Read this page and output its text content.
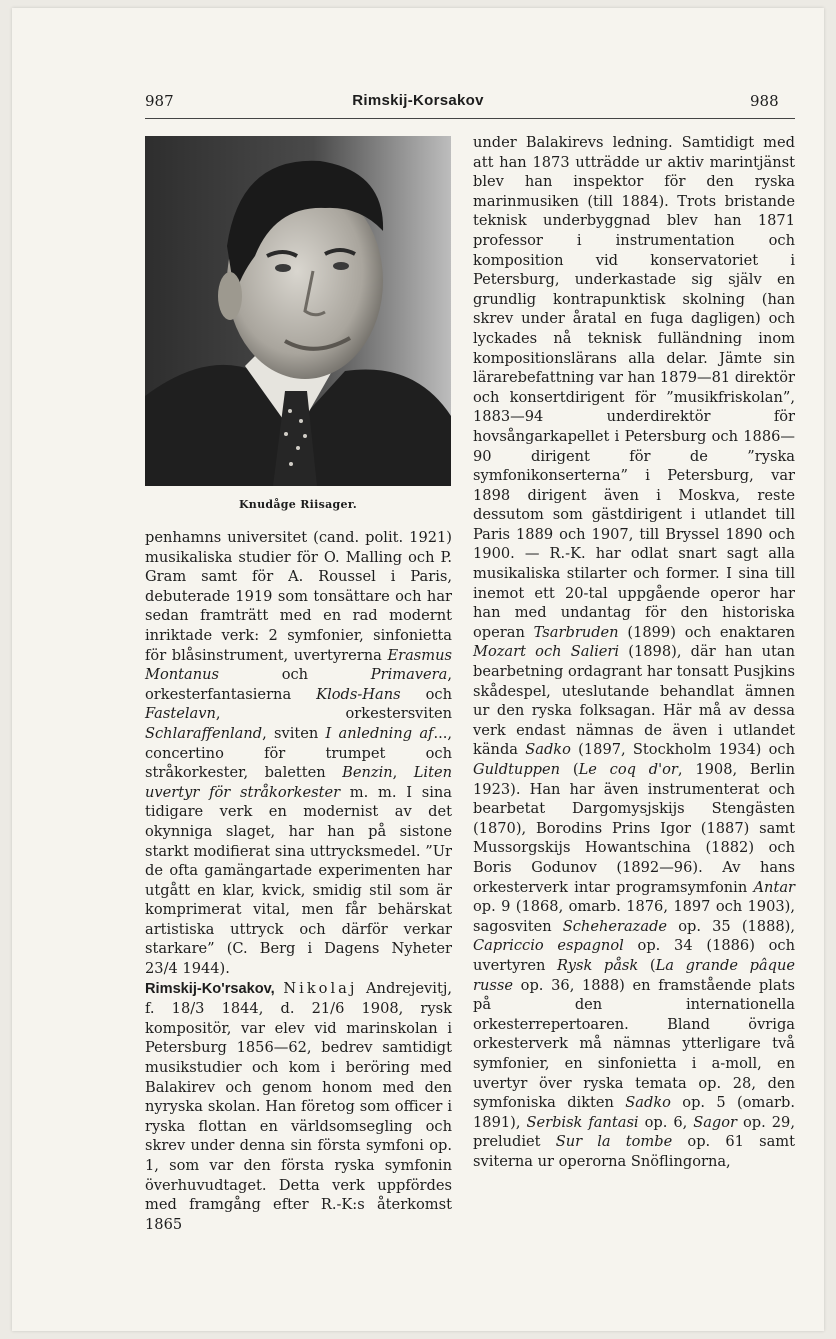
987	Rimskij-Korsakov	988
Knudåge Riisager.

penhamns universitet (cand. polit. 1921) musikaliska studier för O. Malling och P. Gram samt för A. Roussel i Paris, debuterade 1919 som tonsättare och har sedan framträtt med en rad modernt inriktade verk: 2 symfonier, sinfonietta för blåsinstrument, uvertyrerna Erasmus Montanus och Primavera, orkesterfantasierna Klods-Hans och Fastelavn, orkestersviten Schlaraffenland, sviten I anledning af..., concertino för trumpet och stråkorkester, baletten Benzin, Liten uvertyr för stråkorkester m. m. I sina tidigare verk en modernist av det okynniga slaget, har han på sistone starkt modifierat sina uttrycksmedel. ”Ur de ofta gamängartade experimenten har utgått en klar, kvick, smidig stil som är komprimerat vital, men får behärskat artistiska uttryck och därför verkar starkare” (C. Berg i Dagens Nyheter 23/4 1944).

Rimskij-Ko'rsakov, Nikolaj Andrejevitj, f. 18/3 1844, d. 21/6 1908, rysk kompositör, var elev vid marinskolan i Petersburg 1856—62, bedrev samtidigt musikstudier och kom i beröring med Balakirev och genom honom med den nyryska skolan. Han företog som officer i ryska flottan en världsomsegling och skrev under denna sin första symfoni op. 1, som var den första ryska symfonin överhuvudtaget. Detta verk uppfördes med framgång efter R.-K:s återkomst 1865

under Balakirevs ledning. Samtidigt med att han 1873 utträdde ur aktiv marintjänst blev han inspektor för den ryska marinmusiken (till 1884). Trots bristande teknisk underbyggnad blev han 1871 professor i instrumentation och komposition vid konservatoriet i Petersburg, underkastade sig själv en grundlig kontrapunktisk skolning (han skrev under åratal en fuga dagligen) och lyckades nå teknisk fulländning inom kompositionslärans alla delar. Jämte sin lärarebefattning var han 1879—81 direktör och konsertdirigent för ”musikfriskolan”, 1883—94 underdirektör för hovsångarkapellet i Petersburg och 1886—90 dirigent för de ”ryska symfonikonserterna” i Petersburg, var 1898 dirigent även i Moskva, reste dessutom som gästdirigent i utlandet till Paris 1889 och 1907, till Bryssel 1890 och 1900. — R.-K. har odlat snart sagt alla musikaliska stilarter och former. I sina till inemot ett 20-tal uppgående operor har han med undantag för den historiska operan Tsarbruden (1899) och enaktaren Mozart och Salieri (1898), där han utan bearbetning ordagrant har tonsatt Pusjkins skådespel, uteslutande behandlat ämnen ur den ryska folksagan. Här må av dessa verk endast nämnas de även i utlandet kända Sadko (1897, Stockholm 1934) och Guldtuppen (Le coq d'or, 1908, Berlin 1923). Han har även instrumenterat och bearbetat Dargomysjskijs Stengästen (1870), Borodins Prins Igor (1887) samt Mussorgskijs Howantschina (1882) och Boris Godunov (1892—96). Av hans orkesterverk intar programsymfonin Antar op. 9 (1868, omarb. 1876, 1897 och 1903), sagosviten Scheherazade op. 35 (1888), Capriccio espagnol op. 34 (1886) och uvertyren Rysk påsk (La grande pâque russe op. 36, 1888) en framstående plats på den internationella orkesterrepertoaren. Bland övriga orkesterverk må nämnas ytterligare två symfonier, en sinfonietta i a-moll, en uvertyr över ryska temata op. 28, den symfoniska dikten Sadko op. 5 (omarb. 1891), Serbisk fantasi op. 6, Sagor op. 29, preludiet Sur la tombe op. 61 samt sviterna ur operorna Snöflingorna,
